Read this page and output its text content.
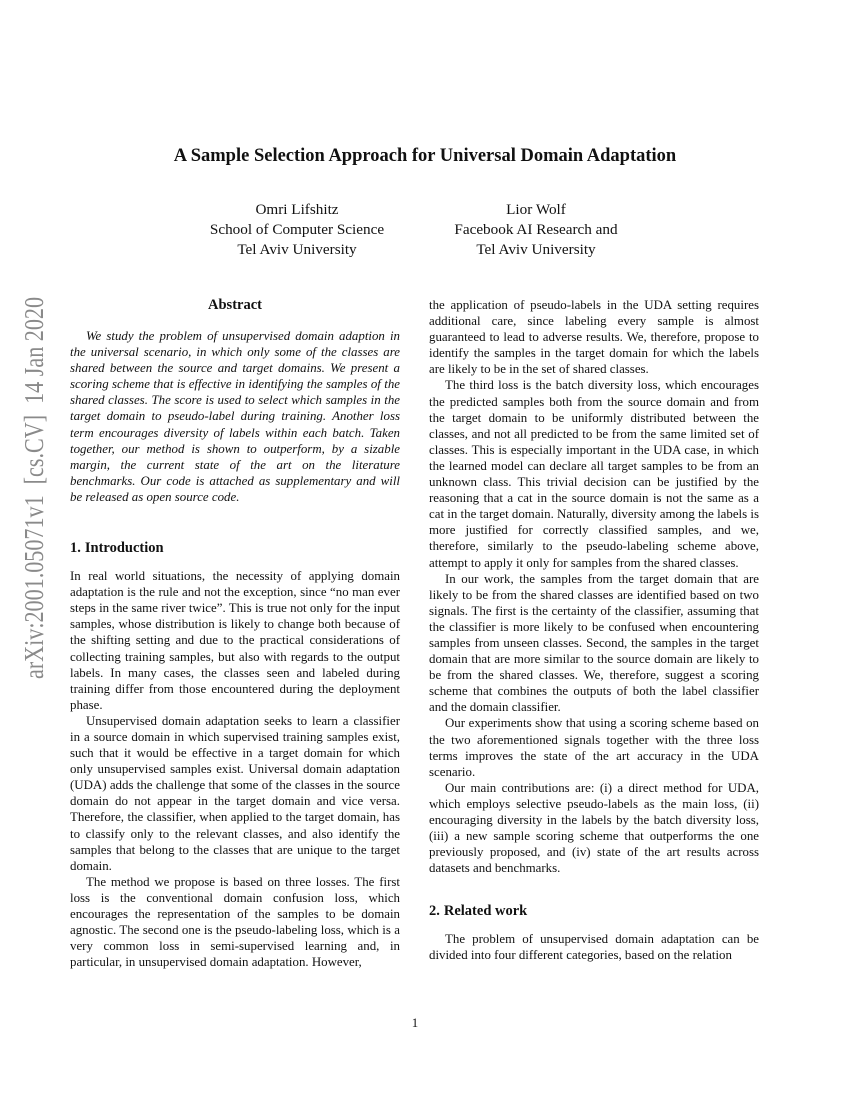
arXiv:2001.05071v1  [cs.CV]  14 Jan 2020
A Sample Selection Approach for Universal Domain Adaptation
Omri Lifshitz
School of Computer Science
Tel Aviv University
Lior Wolf
Facebook AI Research and
Tel Aviv University
Abstract

We study the problem of unsupervised domain adaption in the universal scenario, in which only some of the classes are shared between the source and target domains. We present a scoring scheme that is effective in identifying the samples of the shared classes. The score is used to select which samples in the target domain to pseudo-label during training. Another loss term encourages diversity of labels within each batch. Taken together, our method is shown to outperform, by a sizable margin, the current state of the art on the literature benchmarks. Our code is attached as supplementary and will be released as open source code.

1. Introduction

In real world situations, the necessity of applying domain adaptation is the rule and not the exception, since “no man ever steps in the same river twice”. This is true not only for the input samples, whose distribution is likely to change both because of the shifting setting and due to the practical considerations of collecting training samples, but also with regards to the output labels. In many cases, the classes seen and labeled during training differ from those encountered during the deployment phase.

Unsupervised domain adaptation seeks to learn a classifier in a source domain in which supervised training samples exist, such that it would be effective in a target domain for which only unsupervised samples exist. Universal domain adaptation (UDA) adds the challenge that some of the classes in the source domain do not appear in the target domain and vice versa. Therefore, the classifier, when applied to the target domain, has to classify only to the relevant classes, and also identify the samples that belong to the classes that are unique to the target domain.

The method we propose is based on three losses. The first loss is the conventional domain confusion loss, which encourages the representation of the samples to be domain agnostic. The second one is the pseudo-labeling loss, which is a very common loss in semi-supervised learning and, in particular, in unsupervised domain adaptation. However,

the application of pseudo-labels in the UDA setting requires additional care, since labeling every sample is almost guaranteed to lead to adverse results. We, therefore, propose to identify the samples in the target domain for which the labels are likely to be in the set of shared classes.

The third loss is the batch diversity loss, which encourages the predicted samples both from the source domain and from the target domain to be uniformly distributed between the classes, and not all predicted to be from the same limited set of classes. This is especially important in the UDA case, in which the learned model can declare all target samples to be from an unknown class. This trivial decision can be justified by the reasoning that a cat in the source domain is not the same as a cat in the target domain. Naturally, diversity among the labels is more justified for correctly classified samples, and we, therefore, similarly to the pseudo-labeling scheme above, attempt to apply it only for samples from the shared classes.

In our work, the samples from the target domain that are likely to be from the shared classes are identified based on two signals. The first is the certainty of the classifier, assuming that the classifier is more likely to be confused when encountering samples from unseen classes. Second, the samples in the target domain that are more similar to the source domain are likely to be from the shared classes. We, therefore, suggest a scoring scheme that combines the outputs of both the label classifier and the domain classifier.

Our experiments show that using a scoring scheme based on the two aforementioned signals together with the three loss terms improves the state of the art accuracy in the UDA scenario.

Our main contributions are: (i) a direct method for UDA, which employs selective pseudo-labels as the main loss, (ii) encouraging diversity in the labels by the batch diversity loss, (iii) a new sample scoring scheme that outperforms the one previously proposed, and (iv) state of the art results across datasets and benchmarks.

2. Related work

The problem of unsupervised domain adaptation can be divided into four different categories, based on the relation

1
